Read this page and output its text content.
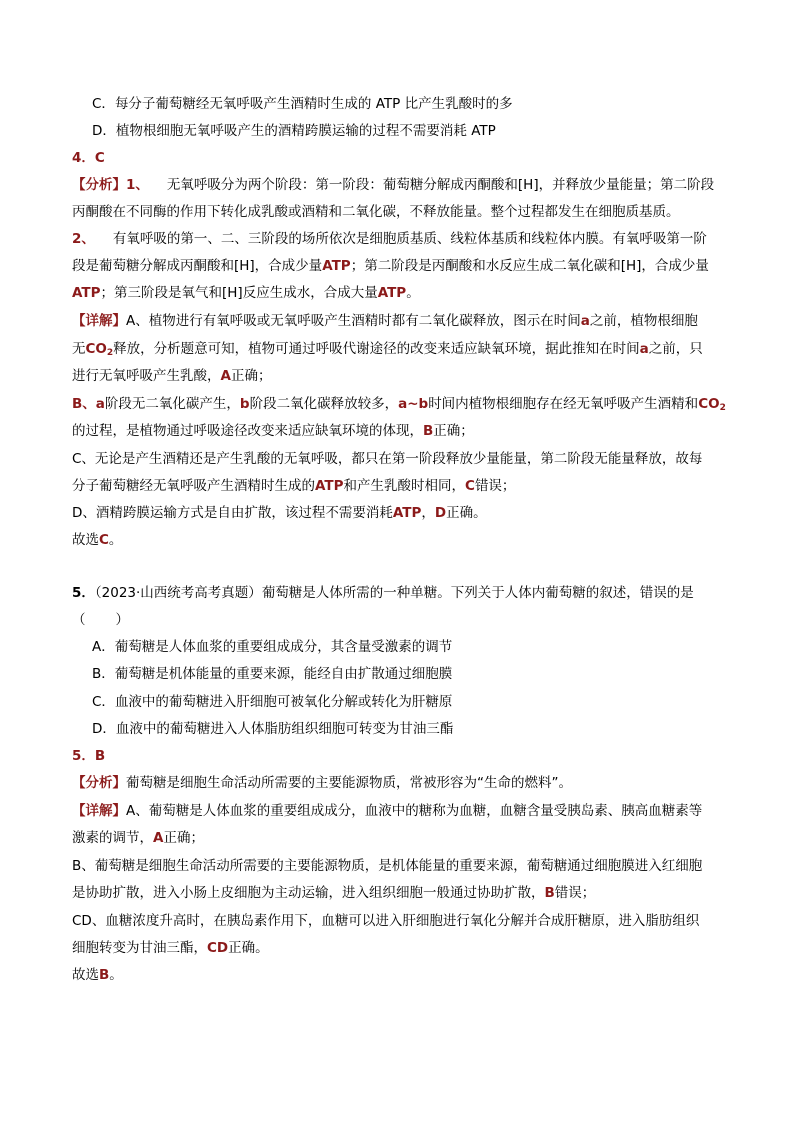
C．每分子葡萄糖经无氧呼吸产生酒精时生成的 ATP 比产生乳酸时的多
D．植物根细胞无氧呼吸产生的酒精跨膜运输的过程不需要消耗 ATP
4．C
【分析】1、 无氧呼吸分为两个阶段：第一阶段：葡萄糖分解成丙酮酸和[H]，并释放少量能量；第二阶段
丙酮酸在不同酶的作用下转化成乳酸或酒精和二氧化碳，不释放能量。整个过程都发生在细胞质基质。
2、 有氧呼吸的第一、二、三阶段的场所依次是细胞质基质、线粒体基质和线粒体内膜。有氧呼吸第一阶
段是葡萄糖分解成丙酮酸和[H]，合成少量ATP；第二阶段是丙酮酸和水反应生成二氧化碳和[H]，合成少量
ATP；第三阶段是氧气和[H]反应生成水，合成大量ATP。
【详解】A、植物进行有氧呼吸或无氧呼吸产生酒精时都有二氧化碳释放，图示在时间a之前，植物根细胞
无$CO_2$释放，分析题意可知，植物可通过呼吸代谢途径的改变来适应缺氧环境，据此推知在时间a之前，只
进行无氧呼吸产生乳酸，A正确；
B、a阶段无二氧化碳产生，b阶段二氧化碳释放较多，a~b时间内植物根细胞存在经无氧呼吸产生酒精和$CO_2$
的过程，是植物通过呼吸途径改变来适应缺氧环境的体现，B正确；
C、无论是产生酒精还是产生乳酸的无氧呼吸，都只在第一阶段释放少量能量，第二阶段无能量释放，故每
分子葡萄糖经无氧呼吸产生酒精时生成的ATP和产生乳酸时相同，C错误；
D、酒精跨膜运输方式是自由扩散，该过程不需要消耗ATP，D正确。
故选C。
5．（2023·山西统考高考真题）葡萄糖是人体所需的一种单糖。下列关于人体内葡萄糖的叙述，错误的是
（ ）
A．葡萄糖是人体血浆的重要组成成分，其含量受激素的调节
B．葡萄糖是机体能量的重要来源，能经自由扩散通过细胞膜
C．血液中的葡萄糖进入肝细胞可被氧化分解或转化为肝糖原
D．血液中的葡萄糖进入人体脂肪组织细胞可转变为甘油三酯
5．B
【分析】葡萄糖是细胞生命活动所需要的主要能源物质，常被形容为“生命的燃料”。
【详解】A、葡萄糖是人体血浆的重要组成成分，血液中的糖称为血糖，血糖含量受胰岛素、胰高血糖素等
激素的调节，A正确；
B、葡萄糖是细胞生命活动所需要的主要能源物质，是机体能量的重要来源，葡萄糖通过细胞膜进入红细胞
是协助扩散，进入小肠上皮细胞为主动运输，进入组织细胞一般通过协助扩散，B错误；
CD、血糖浓度升高时，在胰岛素作用下，血糖可以进入肝细胞进行氧化分解并合成肝糖原，进入脂肪组织
细胞转变为甘油三酯，CD正确。
故选B。
